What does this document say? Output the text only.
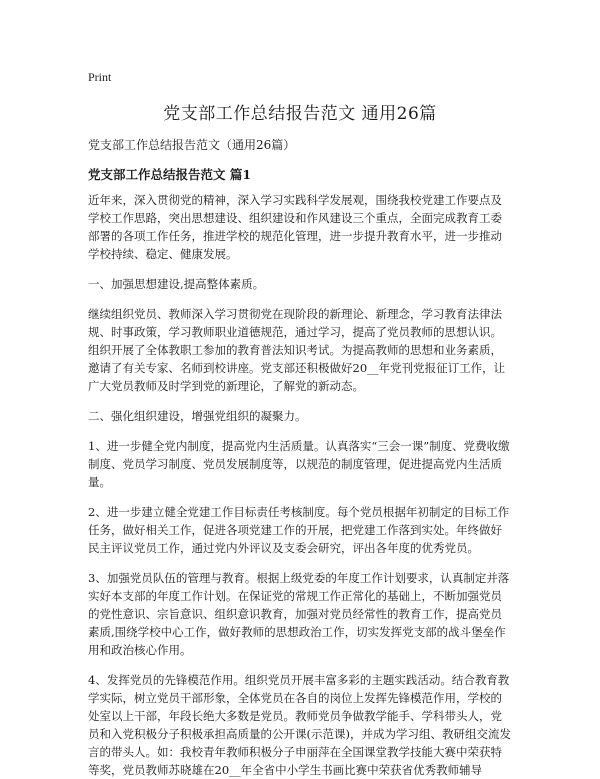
Print
党支部工作总结报告范文 通用26篇

党支部工作总结报告范文（通用26篇）

党支部工作总结报告范文 篇1

近年来，深入贯彻党的精神，深入学习实践科学发展观，围绕我校党建工作要点及学校工作思路，突出思想建设、组织建设和作风建设三个重点，全面完成教育工委部署的各项工作任务，推进学校的规范化管理，进一步提升教育水平，进一步推动学校持续、稳定、健康发展。

一、加强思想建设,提高整体素质。

继续组织党员、教师深入学习贯彻党在现阶段的新理论、新理念，学习教育法律法规、时事政策，学习教师职业道德规范，通过学习，提高了党员教师的思想认识。组织开展了全体教职工参加的教育普法知识考试。为提高教师的思想和业务素质，邀请了有关专家、名师到校讲座。党支部还积极做好20__年党刊党报征订工作，让广大党员教师及时学到党的新理论，了解党的新动态。

二、强化组织建设，增强党组织的凝聚力。

1、进一步健全党内制度，提高党内生活质量。认真落实“三会一课”制度、党费收缴制度、党员学习制度、党员发展制度等，以规范的制度管理，促进提高党内生活质量。

2、进一步建立健全党建工作目标责任考核制度。每个党员根据年初制定的目标工作任务，做好相关工作，促进各项党建工作的开展，把党建工作落到实处。年终做好民主评议党员工作，通过党内外评议及支委会研究，评出各年度的优秀党员。

3、加强党员队伍的管理与教育。根据上级党委的年度工作计划要求，认真制定并落实好本支部的年度工作计划。在保证党的常规工作正常化的基础上，不断加强党员的党性意识、宗旨意识、组织意识教育，加强对党员经常性的教育工作，提高党员素质,围绕学校中心工作，做好教师的思想政治工作，切实发挥党支部的战斗堡垒作用和政治核心作用。

4、发挥党员的先锋模范作用。组织党员开展丰富多彩的主题实践活动。结合教育教学实际，树立党员干部形象，全体党员在各自的岗位上发挥先锋模范作用，学校的处室以上干部，年段长绝大多数是党员。教师党员争做教学能手、学科带头人，党员和入党积极分子积极承担高质量的公开课(示范课)，并成为学习组、教研组交流发言的带头人。如：我校青年教师积极分子申丽萍在全国课堂教学技能大赛中荣获特等奖，党员教师苏晓雄在20__年全省中小学生书画比赛中荣获省优秀教师辅导
